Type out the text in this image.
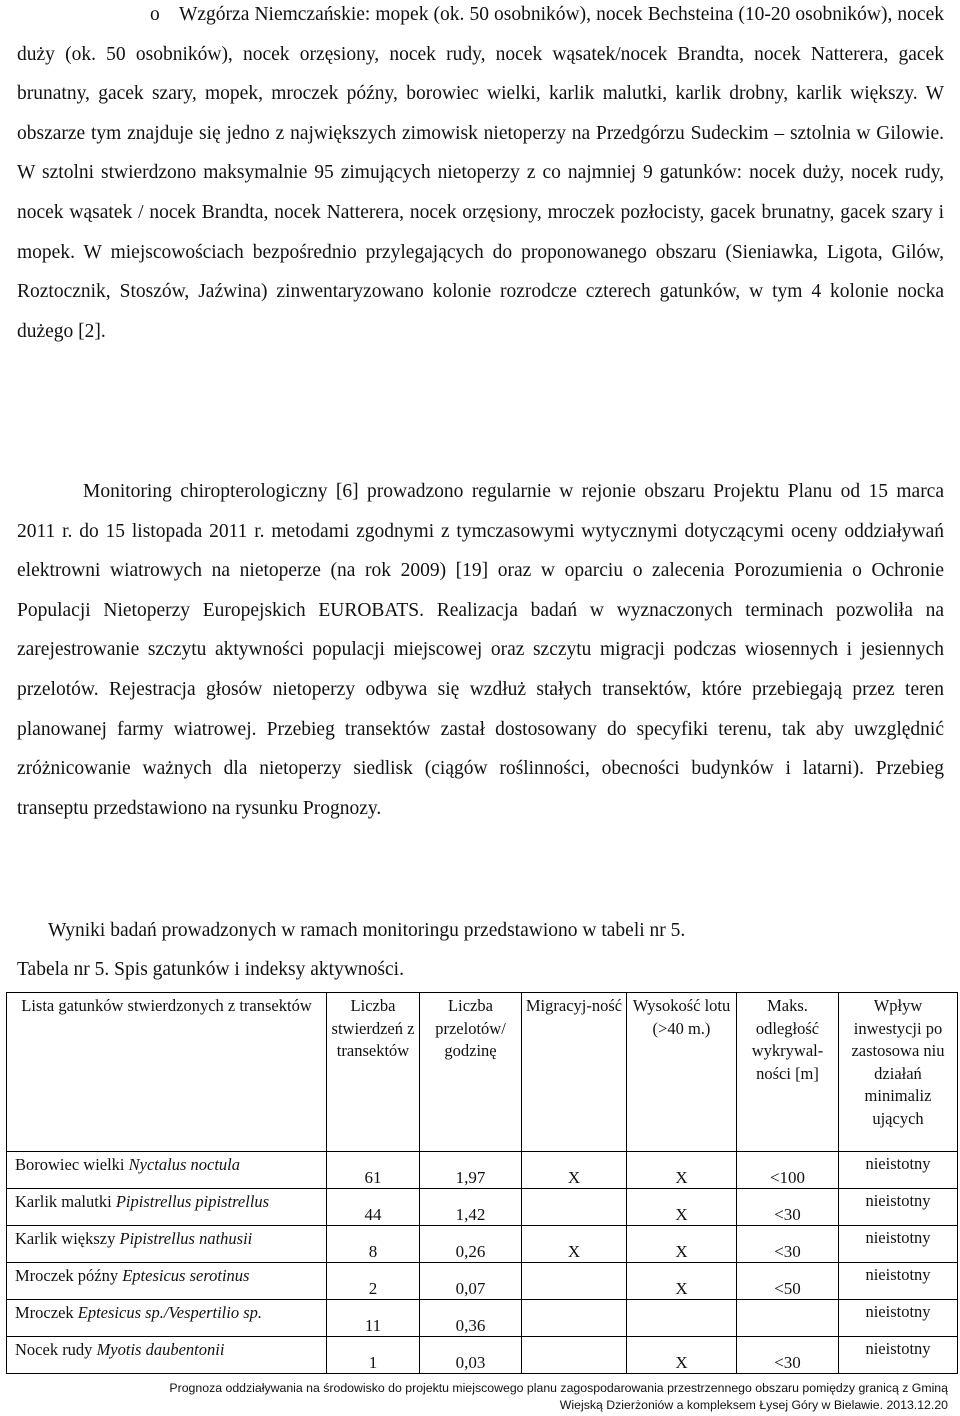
o Wzgórza Niemczańskie: mopek (ok. 50 osobników), nocek Bechsteina (10-20 osobników), nocek duży (ok. 50 osobników), nocek orzęsiony, nocek rudy, nocek wąsatek/nocek Brandta, nocek Natterera, gacek brunatny, gacek szary, mopek, mroczek późny, borowiec wielki, karlik malutki, karlik drobny, karlik większy. W obszarze tym znajduje się jedno z największych zimowisk nietoperzy na Przedgórzu Sudeckim – sztolnia w Gilowie. W sztolni stwierdzono maksymalnie 95 zimujących nietoperzy z co najmniej 9 gatunków: nocek duży, nocek rudy, nocek wąsatek / nocek Brandta, nocek Natterera, nocek orzęsiony, mroczek pozłocisty, gacek brunatny, gacek szary i mopek. W miejscowościach bezpośrednio przylegających do proponowanego obszaru (Sieniawka, Ligota, Gilów, Roztocznik, Stoszów, Jaźwina) zinwentaryzowano kolonie rozrodcze czterech gatunków, w tym 4 kolonie nocka dużego [2].

Monitoring chiropterologiczny [6] prowadzono regularnie w rejonie obszaru Projektu Planu od 15 marca 2011 r. do 15 listopada 2011 r. metodami zgodnymi z tymczasowymi wytycznymi dotyczącymi oceny oddziaływań elektrowni wiatrowych na nietoperze (na rok 2009) [19] oraz w oparciu o zalecenia Porozumienia o Ochronie Populacji Nietoperzy Europejskich EUROBATS. Realizacja badań w wyznaczonych terminach pozwoliła na zarejestrowanie szczytu aktywności populacji miejscowej oraz szczytu migracji podczas wiosennych i jesiennych przelotów. Rejestracja głosów nietoperzy odbywa się wzdłuż stałych transektów, które przebiegają przez teren planowanej farmy wiatrowej. Przebieg transektów zastał dostosowany do specyfiki terenu, tak aby uwzględnić zróżnicowanie ważnych dla nietoperzy siedlisk (ciągów roślinności, obecności budynków i latarni). Przebieg transeptu przedstawiono na rysunku Prognozy.

Wyniki badań prowadzonych w ramach monitoringu przedstawiono w tabeli nr 5.

Tabela nr 5. Spis gatunków i indeksy aktywności.

Lista gatunków stwierdzonych z transektów	Liczba stwierdzeń z transektów	Liczba przelotów/ godzinę	Migracyj-ność	Wysokość lotu (>40 m.)	Maks. odległość wykrywal-ności [m]	Wpływ inwestycji po zastosowa niu działań minimaliz ujących
Borowiec wielki Nyctalus noctula	61	1,97	X	X	<100	nieistotny
Karlik malutki Pipistrellus pipistrellus	44	1,42		X	<30	nieistotny
Karlik większy Pipistrellus nathusii	8	0,26	X	X	<30	nieistotny
Mroczek późny Eptesicus serotinus	2	0,07		X	<50	nieistotny
Mroczek Eptesicus sp./Vespertilio sp.	11	0,36				nieistotny
Nocek rudy Myotis daubentonii	1	0,03		X	<30	nieistotny
Prognoza oddziaływania na środowisko do projektu miejscowego planu zagospodarowania przestrzennego obszaru pomiędzy granicą z Gminą
Wiejską Dzierżoniów a kompleksem Łysej Góry w Bielawie. 2013.12.20
